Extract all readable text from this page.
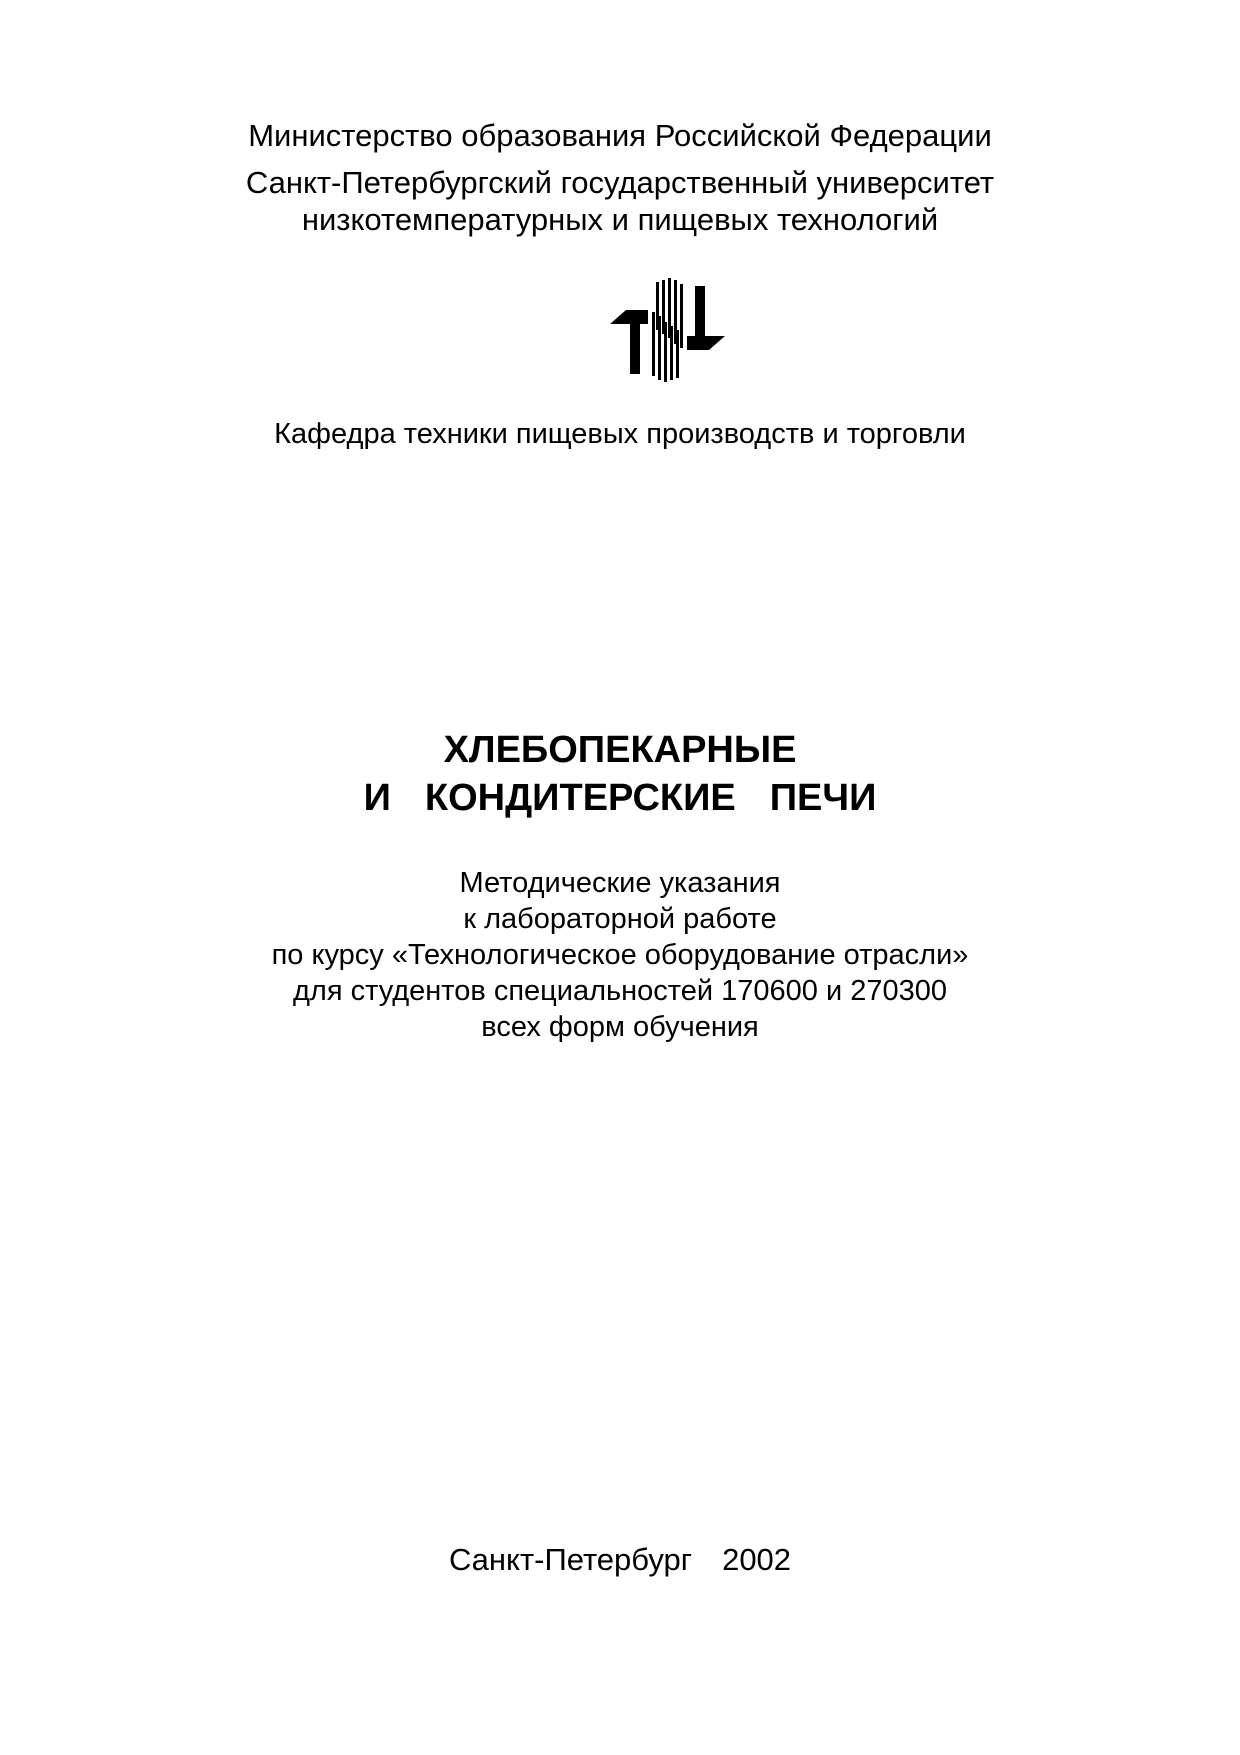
Министерство образования Российской Федерации
Санкт-Петербургский государственный университет
низкотемпературных и пищевых технологий
Кафедра техники пищевых производств и торговли
ХЛЕБОПЕКАРНЫЕ
И КОНДИТЕРСКИЕ ПЕЧИ
Методические указания
к лабораторной работе
по курсу «Технологическое оборудование отрасли»
для студентов специальностей 170600 и 270300
всех форм обучения
Санкт-Петербург 2002
